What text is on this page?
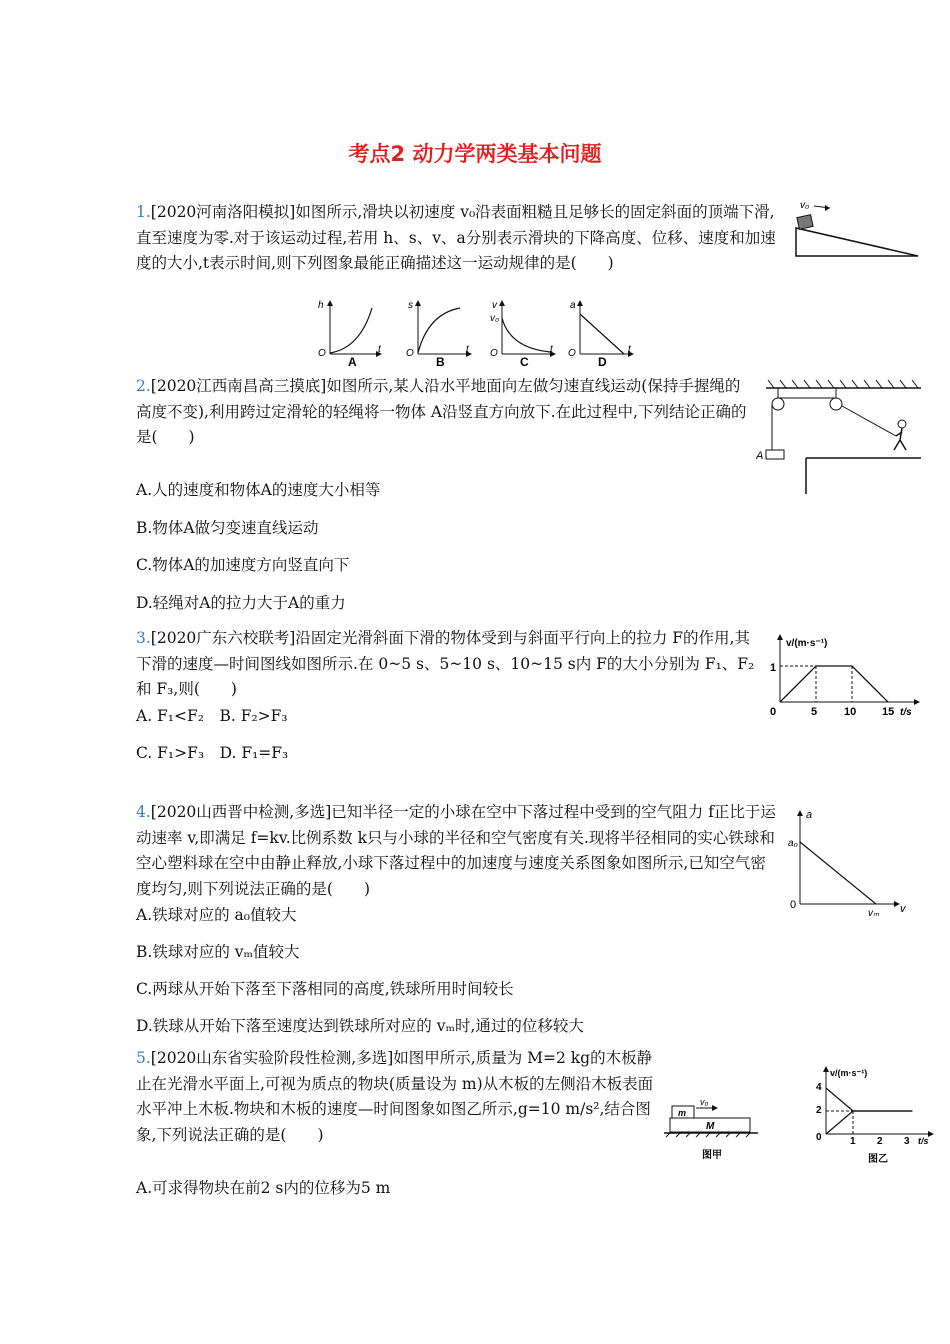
考点2 动力学两类基本问题
1.[2020河南洛阳模拟]如图所示,滑块以初速度 v₀沿表面粗糙且足够长的固定斜面的顶端下滑,直至速度为零.对于该运动过程,若用 h、s、v、a分别表示滑块的下降高度、位移、速度和加速度的大小,t表示时间,则下列图象最能正确描述这一运动规律的是(　　)
v₀
h
O	t
A
s
O	t
B
v
v₀
O	t
C
a
O	t
D
2.[2020江西南昌高三摸底]如图所示,某人沿水平地面向左做匀速直线运动(保持手握绳的高度不变),利用跨过定滑轮的轻绳将一物体 A沿竖直方向放下.在此过程中,下列结论正确的是(　　)
A
A.人的速度和物体A的速度大小相等
B.物体A做匀变速直线运动
C.物体A的加速度方向竖直向下
D.轻绳对A的拉力大于A的重力
3.[2020广东六校联考]沿固定光滑斜面下滑的物体受到与斜面平行向上的拉力 F的作用,其下滑的速度—时间图线如图所示.在 0~5 s、5~10 s、10~15 s内 F的大小分别为 F₁、F₂和 F₃,则(　　)
A. F₁<F₂　B. F₂>F₃
C. F₁>F₃　D. F₁=F₃
v/(m·s⁻¹)
1
0	5 10 15 t/s
4.[2020山西晋中检测,多选]已知半径一定的小球在空中下落过程中受到的空气阻力 f正比于运动速率 v,即满足 f=kv.比例系数 k只与小球的半径和空气密度有关.现将半径相同的实心铁球和空心塑料球在空中由静止释放,小球下落过程中的加速度与速度关系图象如图所示,已知空气密度均匀,则下列说法正确的是(　　)
A.铁球对应的 a₀值较大
B.铁球对应的 vₘ值较大
C.两球从开始下落至下落相同的高度,铁球所用时间较长
D.铁球从开始下落至速度达到铁球所对应的 vₘ时,通过的位移较大
a
a₀
0
vₘ v
5.[2020山东省实验阶段性检测,多选]如图甲所示,质量为 M=2 kg的木板静止在光滑水平面上,可视为质点的物块(质量设为 m)从木板的左侧沿木板表面水平冲上木板.物块和木板的速度—时间图象如图乙所示,g=10 m/s²,结合图象,下列说法正确的是(　　)
m
v₀
M
图甲
v/(m·s⁻¹)
4
2
0	1 2 3 t/s
图乙
A.可求得物块在前2 s内的位移为5 m
